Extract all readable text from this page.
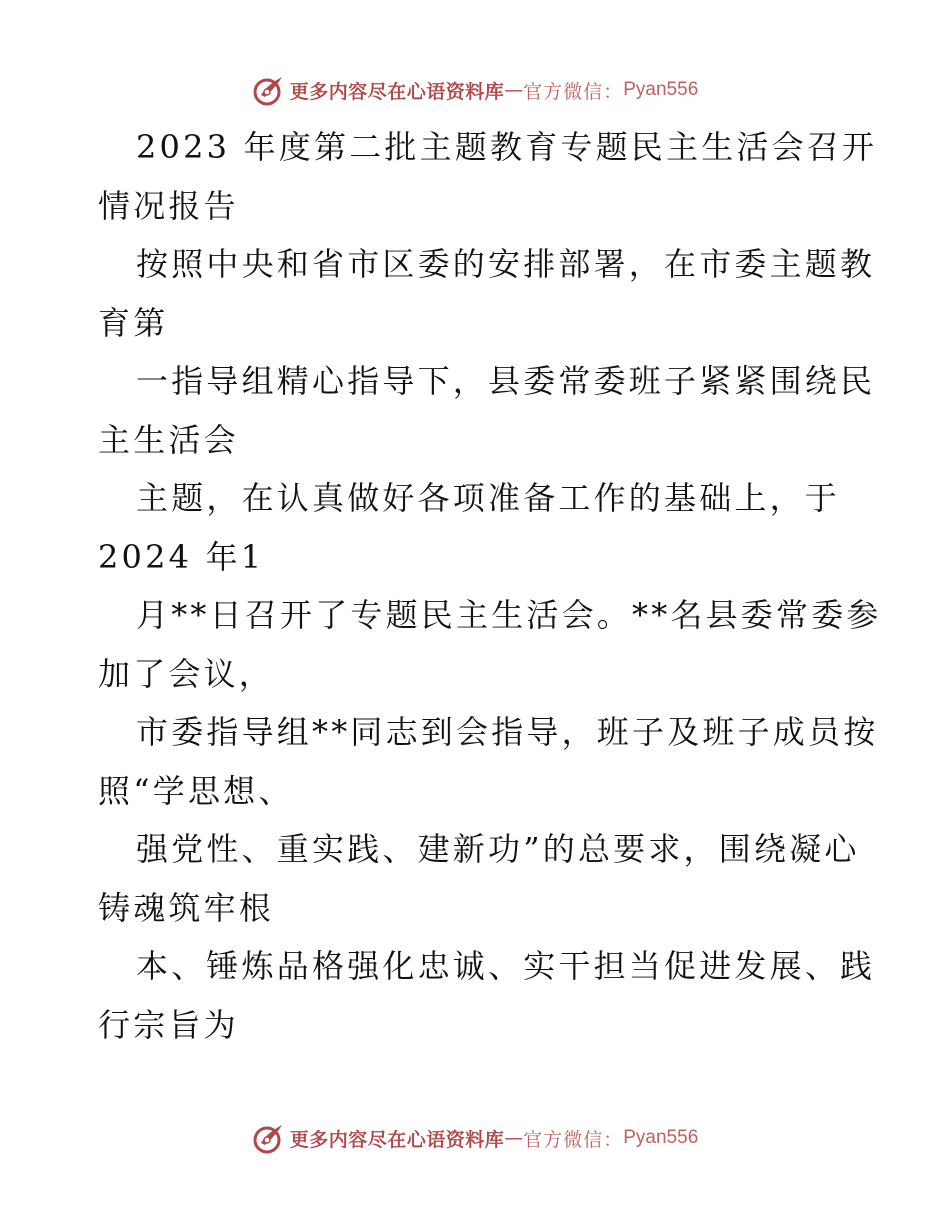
更多内容尽在心语资料库 — 官方微信： Pyan556
2023 年度第二批主题教育专题民主生活会召开
情况报告
按照中央和省市区委的安排部署，在市委主题教
育第
一指导组精心指导下，县委常委班子紧紧围绕民
主生活会
主题，在认真做好各项准备工作的基础上，于
2024 年1
月**日召开了专题民主生活会。**名县委常委参
加了会议，
市委指导组**同志到会指导，班子及班子成员按
照“学思想、
强党性、重实践、建新功”的总要求，围绕凝心
铸魂筑牢根
本、锤炼品格强化忠诚、实干担当促进发展、践
行宗旨为
更多内容尽在心语资料库 — 官方微信： Pyan556
